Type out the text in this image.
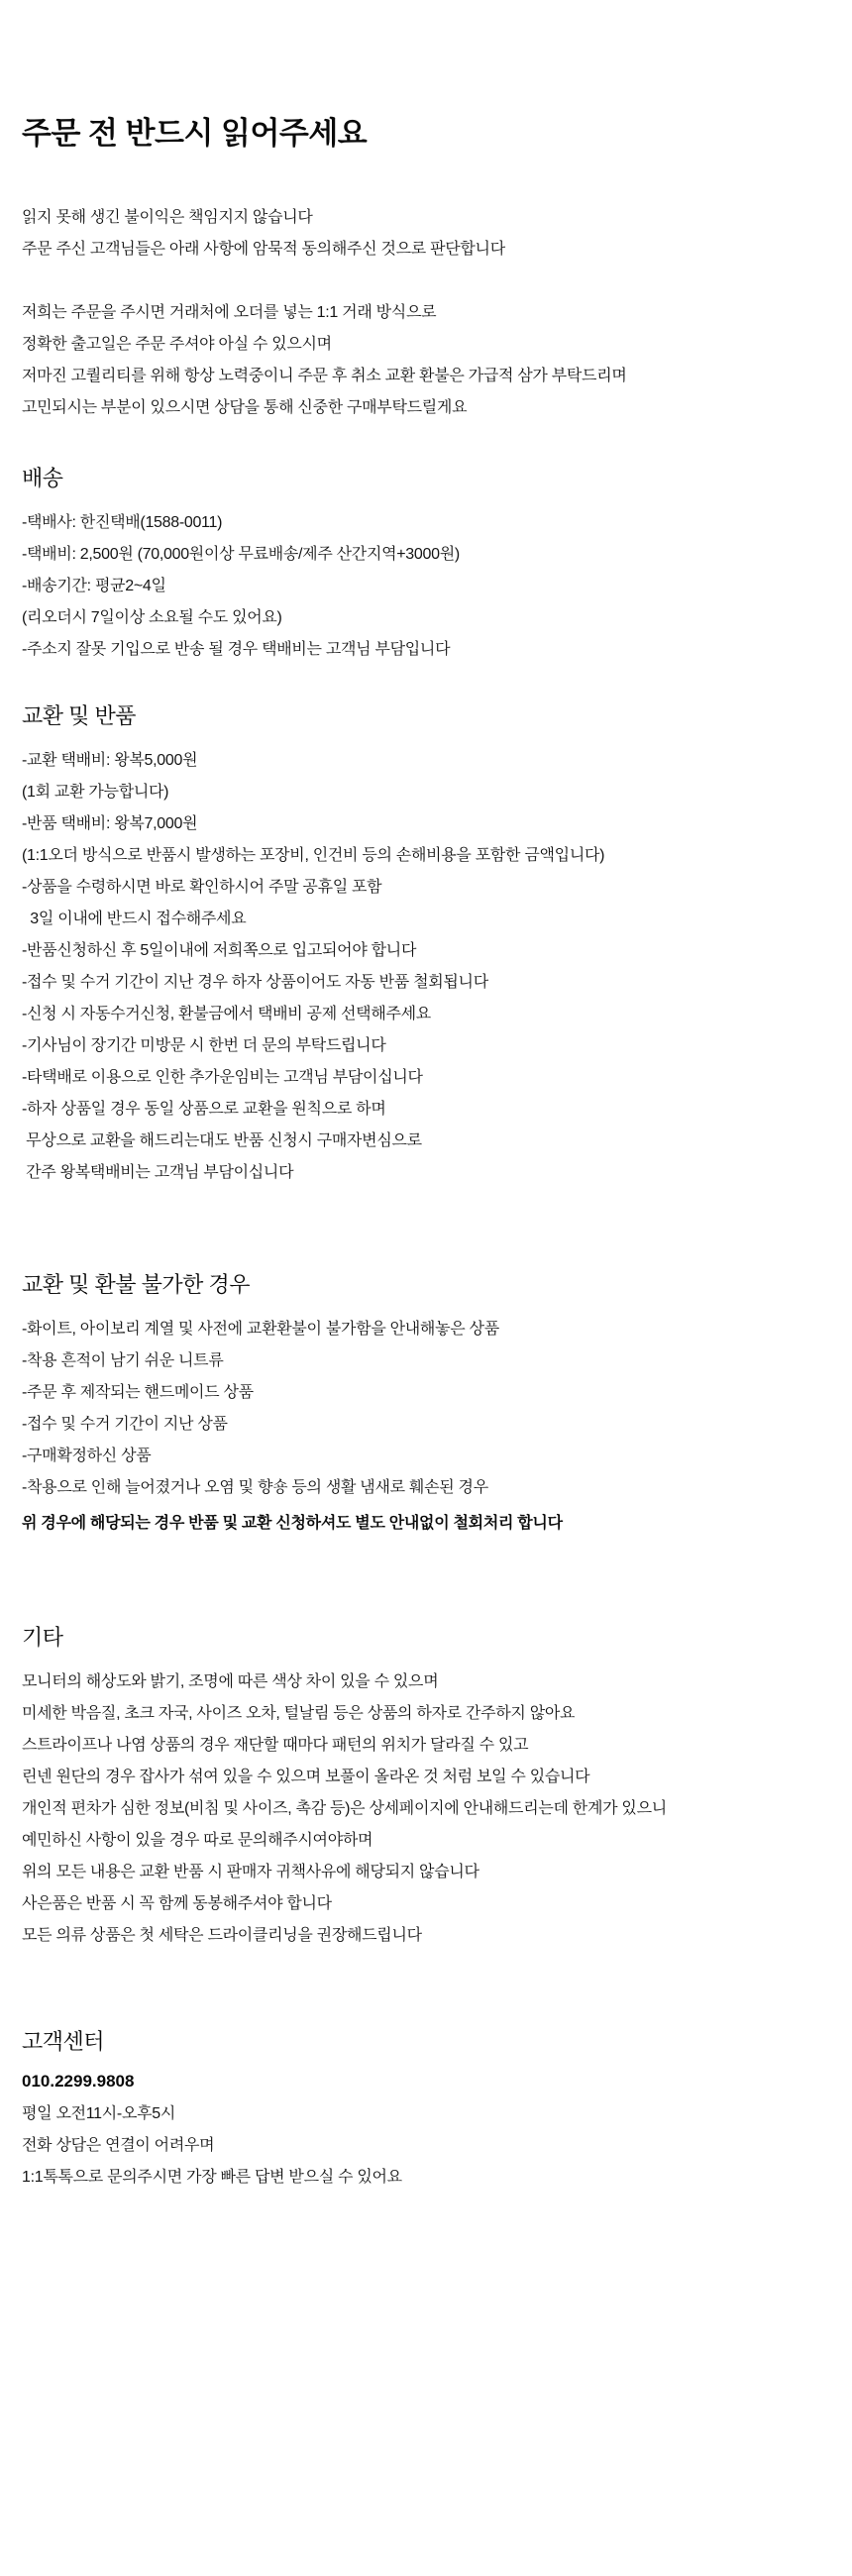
주문 전 반드시 읽어주세요

읽지 못해 생긴 불이익은 책임지지 않습니다

주문 주신 고객님들은 아래 사항에 암묵적 동의해주신 것으로 판단합니다

저희는 주문을 주시면 거래처에 오더를 넣는 1:1 거래 방식으로

정확한 출고일은 주문 주셔야 아실 수 있으시며

저마진 고퀄리티를 위해 항상 노력중이니 주문 후 취소 교환 환불은 가급적 삼가 부탁드리며

고민되시는 부분이 있으시면 상담을 통해 신중한 구매부탁드릴게요

배송

-택배사: 한진택배(1588-0011)

-택배비: 2,500원 (70,000원이상 무료배송/제주 산간지역+3000원)

-배송기간: 평균2~4일

(리오더시 7일이상 소요될 수도 있어요)

-주소지 잘못 기입으로 반송 될 경우 택배비는 고객님 부담입니다

교환 및 반품

-교환 택배비: 왕복5,000원

(1회 교환 가능합니다)

-반품 택배비: 왕복7,000원

(1:1오더 방식으로 반품시 발생하는 포장비, 인건비 등의 손해비용을 포함한 금액입니다)

-상품을 수령하시면 바로 확인하시어 주말 공휴일 포함

3일 이내에 반드시 접수해주세요

-반품신청하신 후 5일이내에 저희쪽으로 입고되어야 합니다

-접수 및 수거 기간이 지난 경우 하자 상품이어도 자동 반품 철회됩니다

-신청 시 자동수거신청, 환불금에서 택배비 공제 선택해주세요

-기사님이 장기간 미방문 시 한번 더 문의 부탁드립니다

-타택배로 이용으로 인한 추가운임비는 고객님 부담이십니다

-하자 상품일 경우 동일 상품으로 교환을 원칙으로 하며

무상으로 교환을 해드리는대도 반품 신청시 구매자변심으로

간주 왕복택배비는 고객님 부담이십니다

교환 및 환불 불가한 경우

-화이트, 아이보리 계열 및 사전에 교환환불이 불가함을 안내해놓은 상품

-착용 흔적이 남기 쉬운 니트류

-주문 후 제작되는 핸드메이드 상품

-접수 및 수거 기간이 지난 상품

-구매확정하신 상품

-착용으로 인해 늘어졌거나 오염 및 향숑 등의 생활 냄새로 훼손된 경우

위 경우에 해당되는 경우 반품 및 교환 신청하셔도 별도 안내없이 철회처리 합니다

기타

모니터의 해상도와 밝기, 조명에 따른 색상 차이 있을 수 있으며

미세한 박음질, 초크 자국, 사이즈 오차, 털날림 등은 상품의 하자로 간주하지 않아요

스트라이프나 나염 상품의 경우 재단할 때마다 패턴의 위치가 달라질 수 있고

린넨 원단의 경우 잡사가 섞여 있을 수 있으며 보풀이 올라온 것 처럼 보일 수 있습니다

개인적 편차가 심한 정보(비침 및 사이즈, 촉감 등)은 상세페이지에 안내해드리는데 한계가 있으니

예민하신 사항이 있을 경우 따로 문의해주시여야하며

위의 모든 내용은 교환 반품 시 판매자 귀책사유에 해당되지 않습니다

사은품은 반품 시 꼭 함께 동봉해주셔야 합니다

모든 의류 상품은 첫 세탁은 드라이클리닝을 권장해드립니다

고객센터

010.2299.9808

평일 오전11시-오후5시

전화 상담은 연결이 어려우며

1:1톡톡으로 문의주시면 가장 빠른 답변 받으실 수 있어요
